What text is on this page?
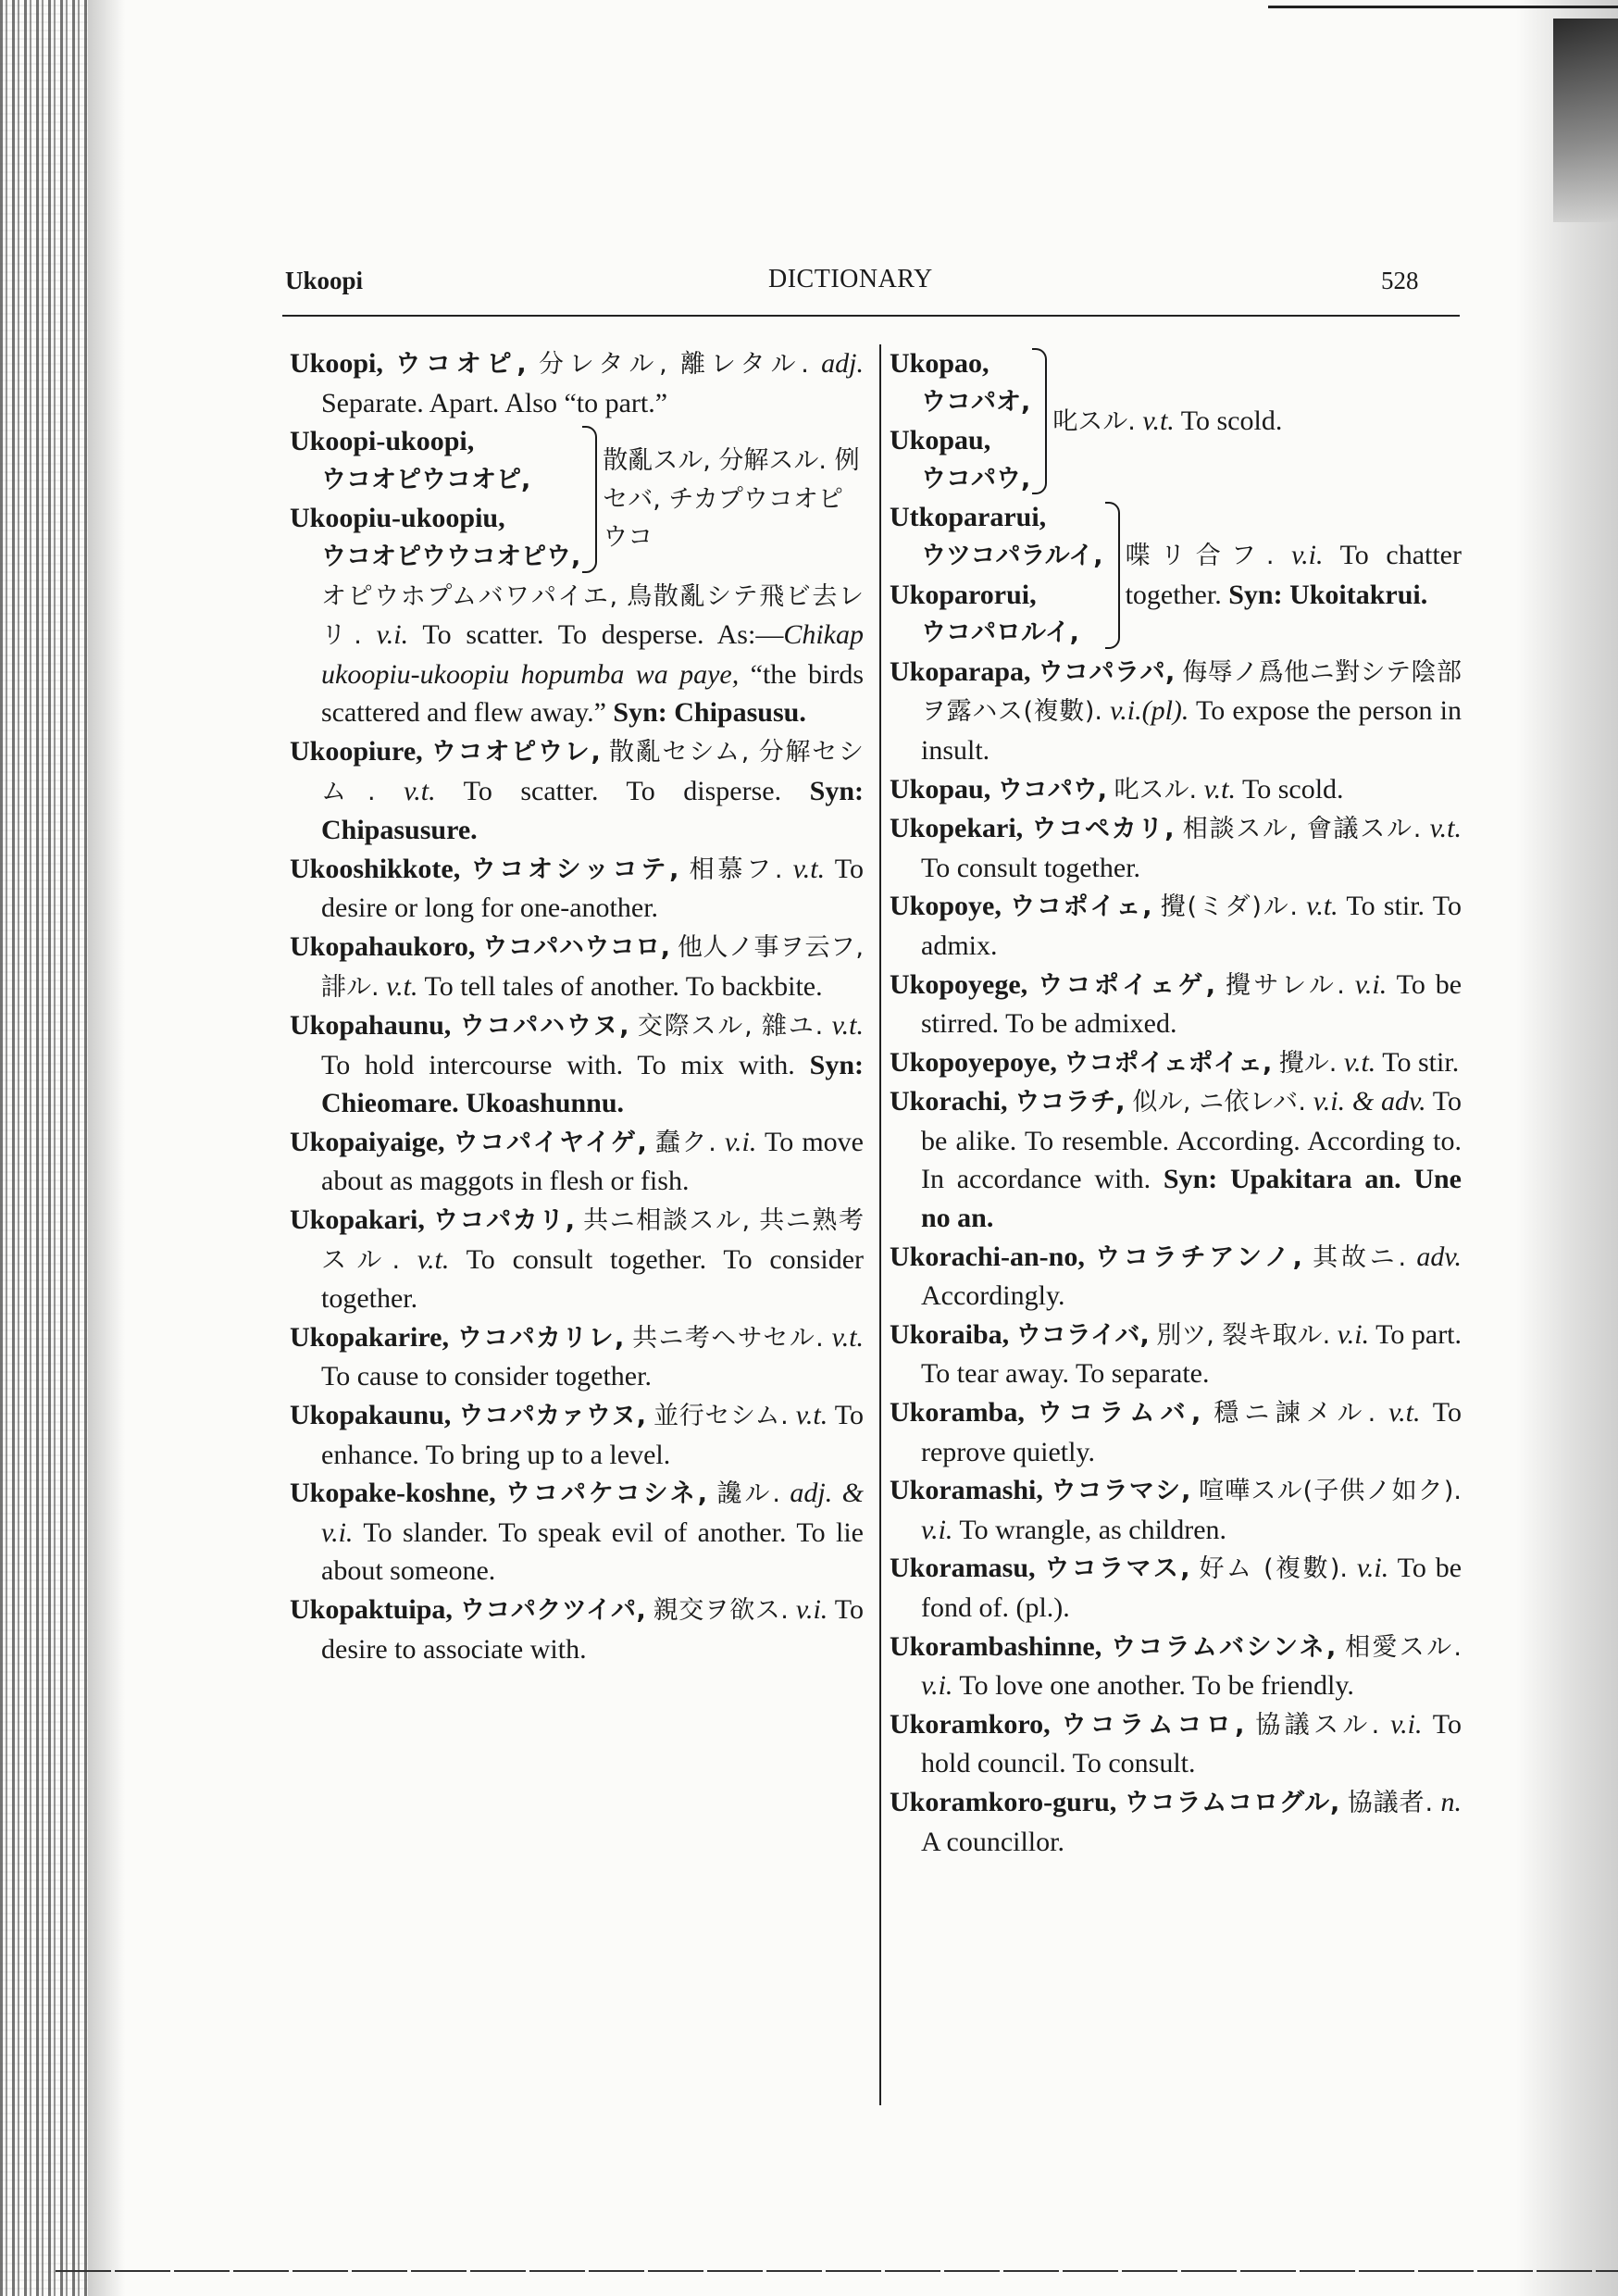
Ukoopi	DICTIONARY	528
Ukoopi, ウコオピ, 分レタル, 離レタル. adj. Separate. Apart. Also “to part.”
Ukoopi-ukoopi,
ウコオピウコオピ,
Ukoopiu-ukoopiu,
ウコオピウウコオピウ,
散亂スル, 分解スル. 例セバ, チカプウコオピウコ
オピウホプムバワパイエ, 鳥散亂シテ飛ビ去レリ. v.i. To scatter. To desperse. As:—Chikap ukoopiu-ukoopiu hopumba wa paye, “the birds scattered and flew away.” Syn: Chipasusu.
Ukoopiure, ウコオピウレ, 散亂セシム, 分解セシム. v.t. To scatter. To disperse. Syn: Chipasusure.
Ukooshikkote, ウコオシッコテ, 相慕フ. v.t. To desire or long for one-another.
Ukopahaukoro, ウコパハウコロ, 他人ノ事ヲ云フ, 誹ル. v.t. To tell tales of another. To backbite.
Ukopahaunu, ウコパハウヌ, 交際スル, 雜ユ. v.t. To hold intercourse with. To mix with. Syn: Chieomare. Ukoashunnu.
Ukopaiyaige, ウコパイヤイゲ, 蠢ク. v.i. To move about as maggots in flesh or fish.
Ukopakari, ウコパカリ, 共ニ相談スル, 共ニ熟考スル. v.t. To consult together. To consider together.
Ukopakarire, ウコパカリレ, 共ニ考ヘサセル. v.t. To cause to consider together.
Ukopakaunu, ウコパカァウヌ, 並行セシム. v.t. To enhance. To bring up to a level.
Ukopake-koshne, ウコパケコシネ, 讒ル. adj. & v.i. To slander. To speak evil of another. To lie about someone.
Ukopaktuipa, ウコパクツイパ, 親交ヲ欲ス. v.i. To desire to associate with.
Ukopao,
ウコパオ,
Ukopau,
ウコパウ,
叱スル. v.t. To scold.
Utkopararui,
ウツコパラルイ,
Ukoparorui,
ウコパロルイ,
喋リ合フ. v.i. To chatter together. Syn: Ukoitakrui.
Ukoparapa, ウコパラパ, 侮辱ノ爲他ニ對シテ陰部ヲ露ハス(複數). v.i.(pl). To expose the person in insult.
Ukopau, ウコパウ, 叱スル. v.t. To scold.
Ukopekari, ウコペカリ, 相談スル, 會議スル. v.t. To consult together.
Ukopoye, ウコポイェ, 攪(ミダ)ル. v.t. To stir. To admix.
Ukopoyege, ウコポイェゲ, 攪サレル. v.i. To be stirred. To be admixed.
Ukopoyepoye, ウコポイェポイェ, 攪ル. v.t. To stir.
Ukorachi, ウコラチ, 似ル, ニ依レバ. v.i. & adv. To be alike. To resemble. According. According to. In accordance with. Syn: Upakitara an. Une no an.
Ukorachi-an-no, ウコラチアンノ, 其故ニ. adv. Accordingly.
Ukoraiba, ウコライバ, 別ツ, 裂キ取ル. v.i. To part. To tear away. To separate.
Ukoramba, ウコラムバ, 穩ニ諫メル. v.t. To reprove quietly.
Ukoramashi, ウコラマシ, 喧嘩スル(子供ノ如ク). v.i. To wrangle, as children.
Ukoramasu, ウコラマス, 好ム (複數). v.i. To be fond of. (pl.).
Ukorambashinne, ウコラムバシンネ, 相愛スル. v.i. To love one another. To be friendly.
Ukoramkoro, ウコラムコロ, 協議スル. v.i. To hold council. To consult.
Ukoramkoro-guru, ウコラムコログル, 協議者. n. A councillor.
